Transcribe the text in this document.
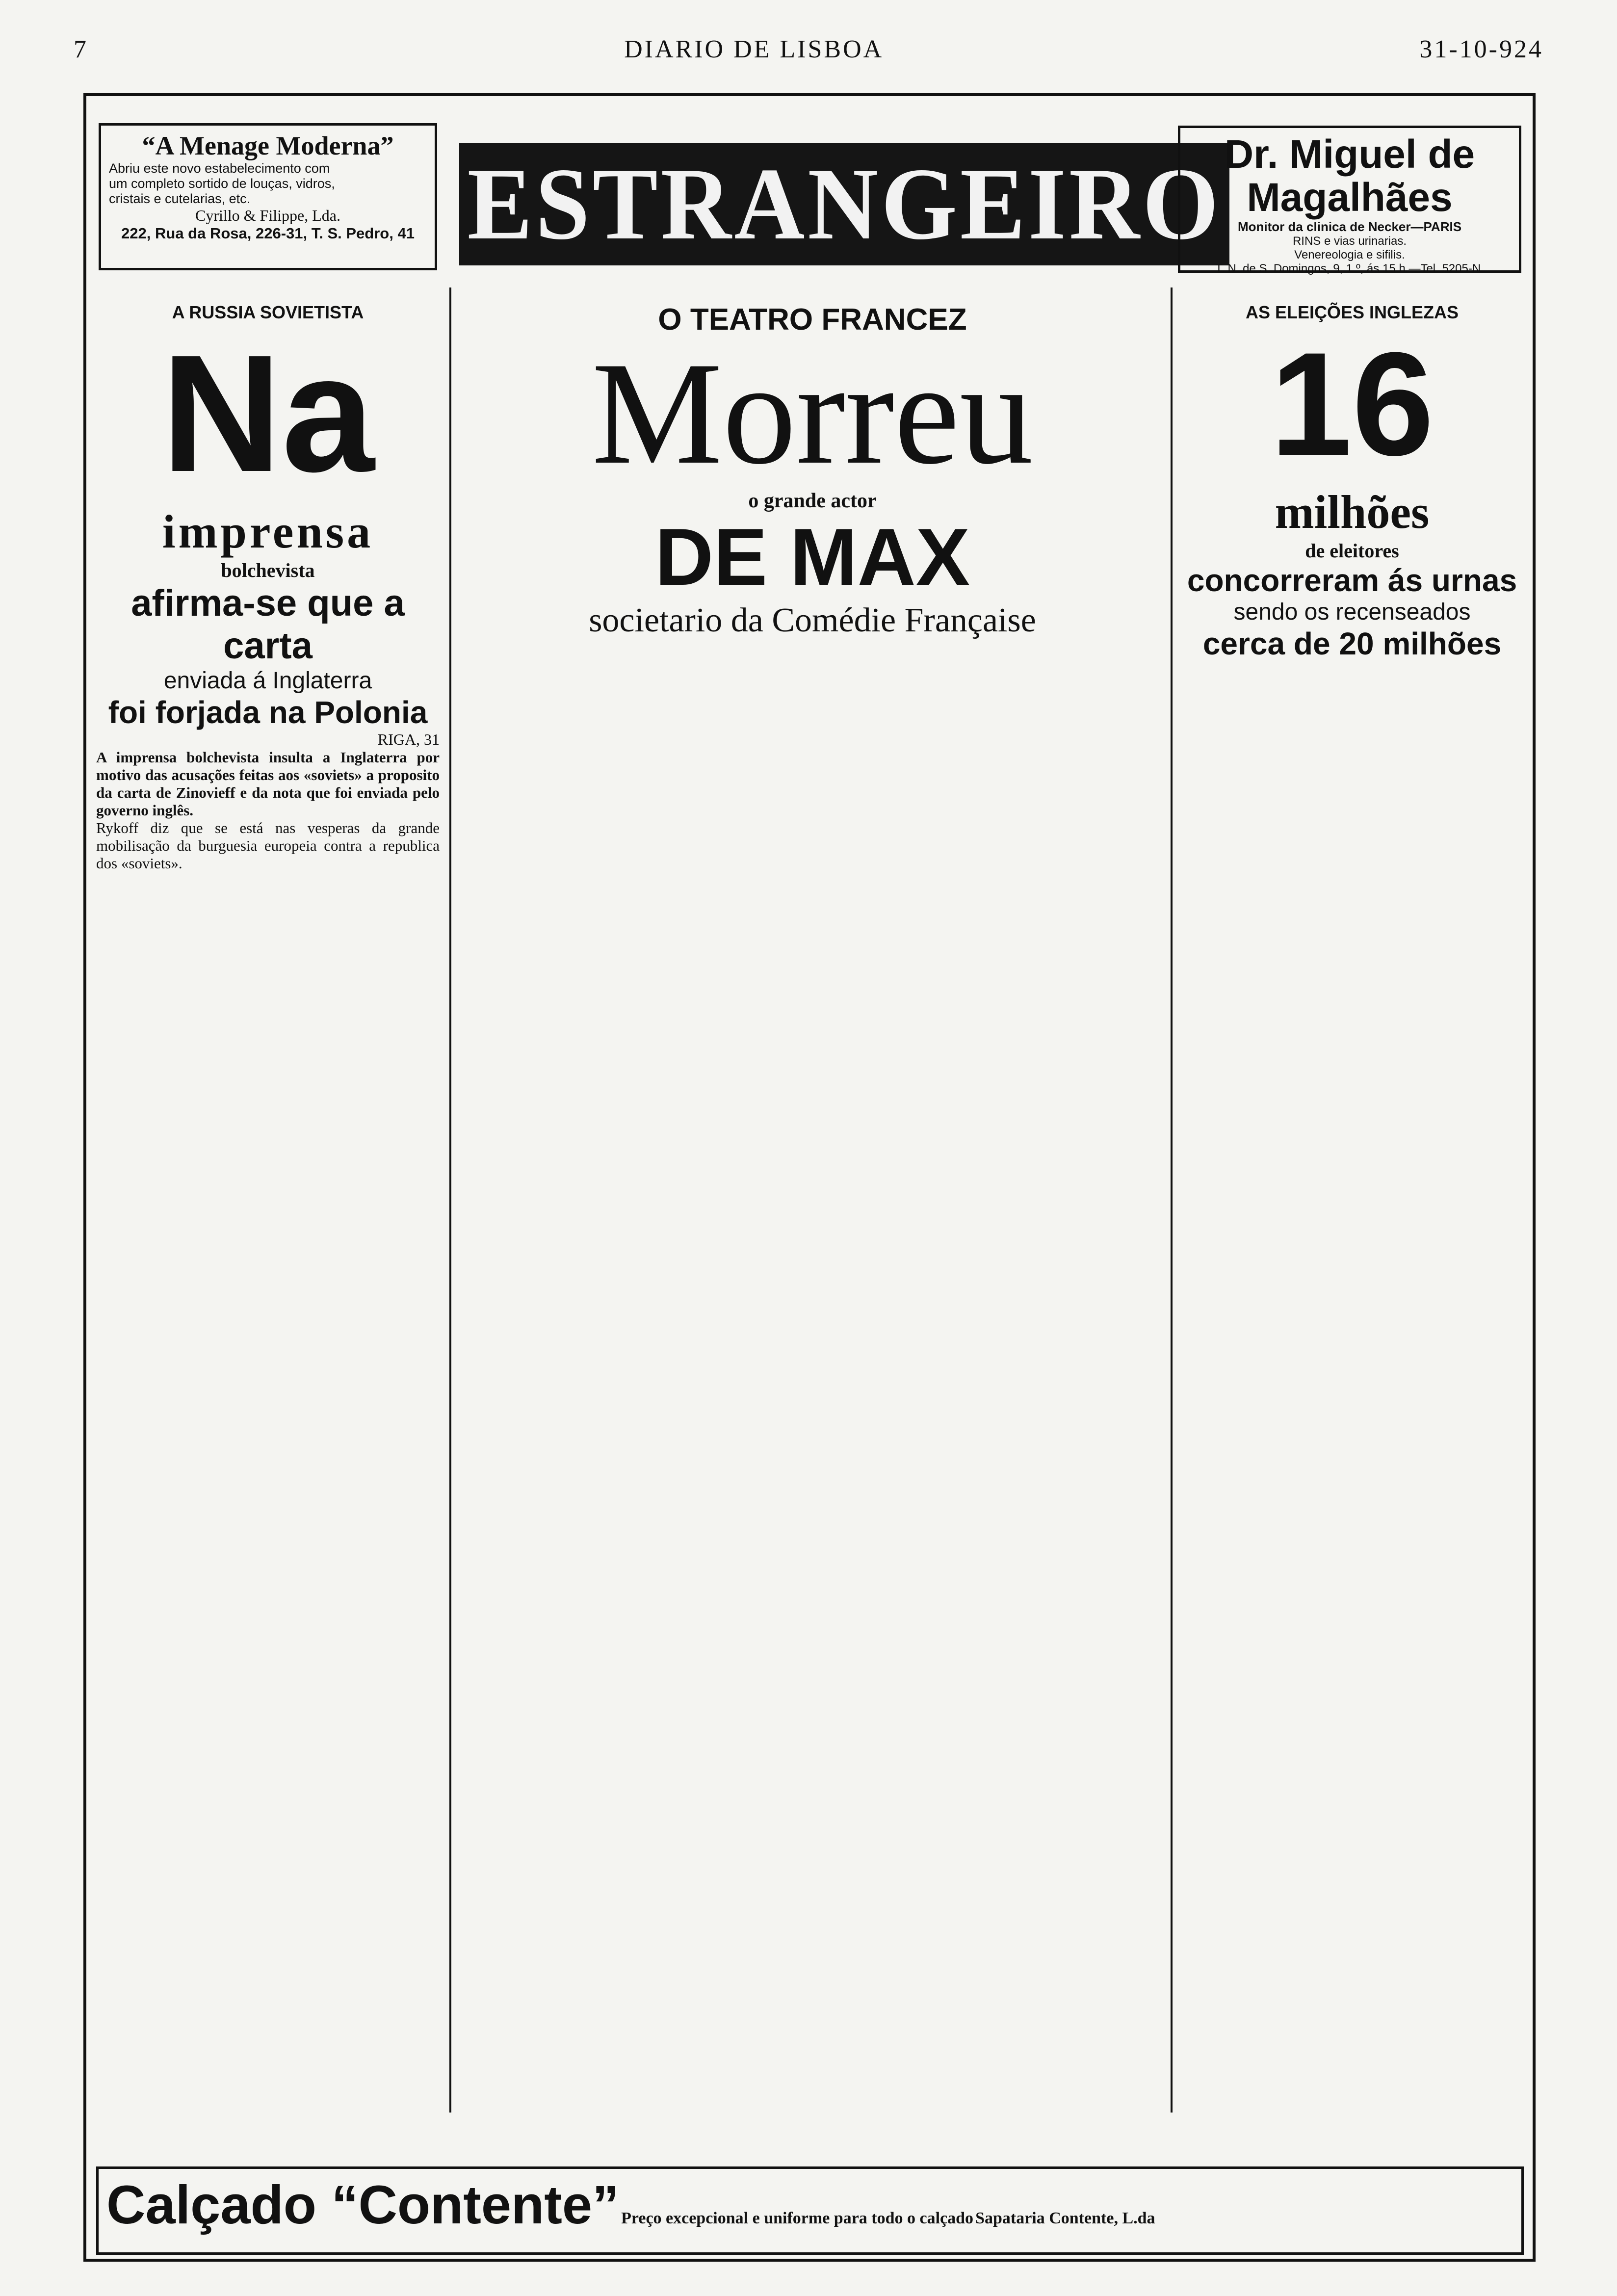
7	DIARIO DE LISBOA	31-10-924
“A Menage Moderna”
Abriu este novo estabelecimento com
um completo sortido de louças, vidros,
cristais e cutelarias, etc.
Cyrillo & Filippe, Lda.
222, Rua da Rosa, 226-31, T. S. Pedro, 41 ESTRANGEIRO Dr. Miguel de Magalhães
Monitor da clinica de Necker—PARIS
RINS e vias urinarias.
Venereologia e sifilis.
T. N. de S. Domingos, 9, 1.º, ás 15 h.—Tel. 5205-N.
A RUSSIA SOVIETISTA
Na
imprensa
bolchevista
afirma-se que a carta
enviada á Inglaterra
foi forjada na Polonia
RIGA, 31
A imprensa bolchevista insulta a Inglaterra por motivo das acusações feitas aos «soviets» a proposito da carta de Zinovieff e da nota que foi enviada pelo governo inglês.
Rykoff diz que se está nas vesperas da grande mobilisação da burguesia europeia contra a republica dos «soviets».
O TEATRO FRANCEZ
Morreu
o grande actor
DE MAX
societario da Comédie Française
AS ELEIÇÕES INGLEZAS
16
milhões
de eleitores
concorreram ás urnas
sendo os recenseados
cerca de 20 milhões
Calçado “Contente” Preço excepcional e uniforme para todo o calçado Sapataria Contente, L.da
